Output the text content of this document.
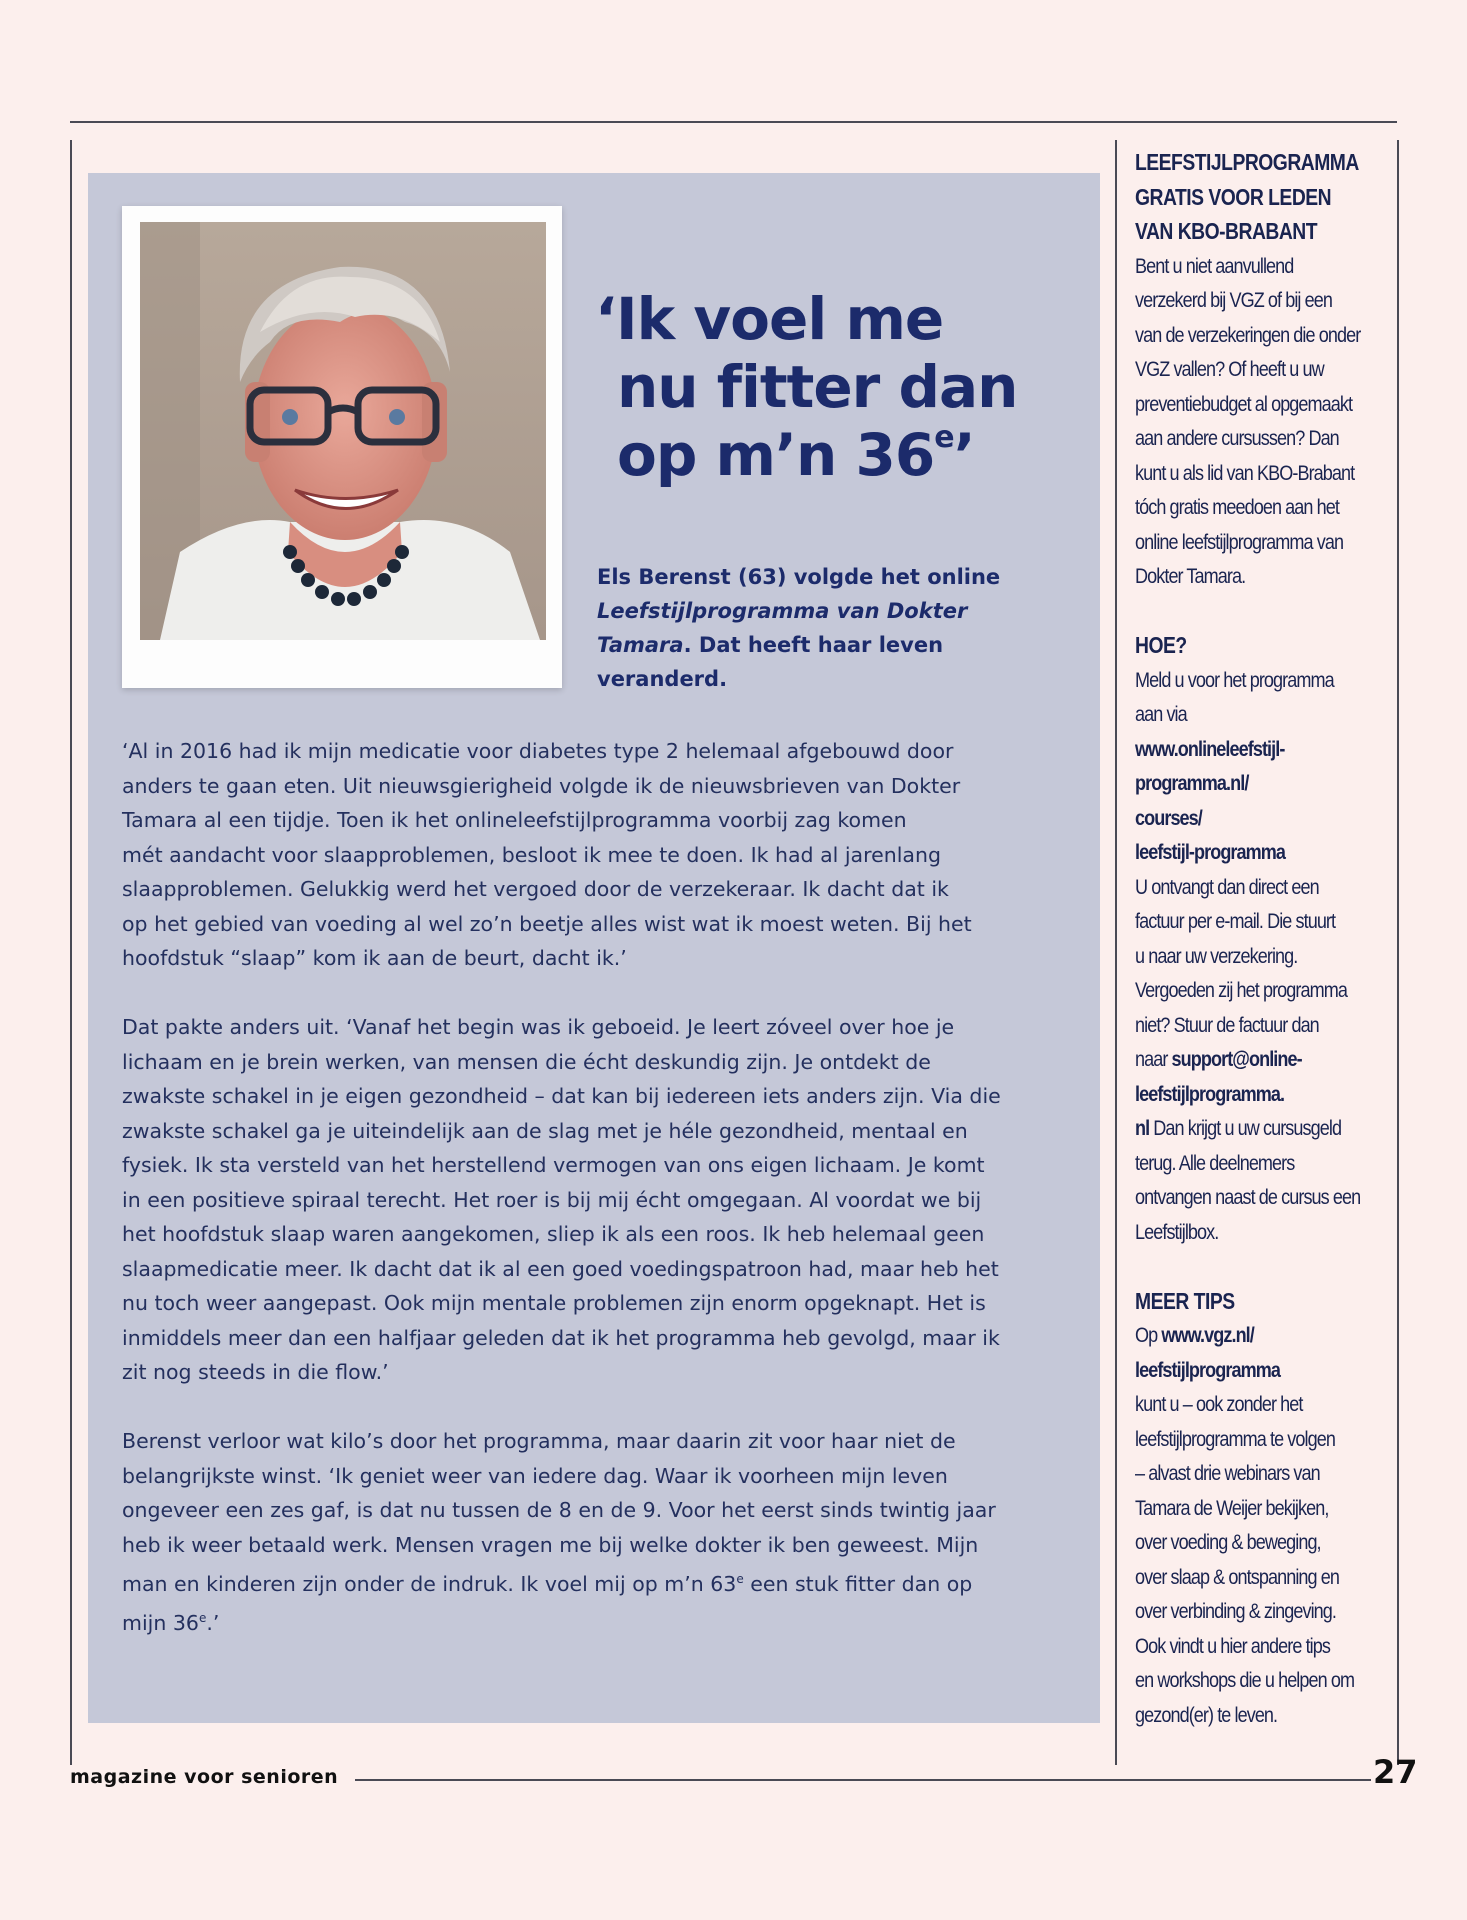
‘Ik voel me
nu fitter dan
op m’n 36e’
Els Berenst (63) volgde het online Leefstijlprogramma van Dokter Tamara. Dat heeft haar leven veranderd.

‘Al in 2016 had ik mijn medicatie voor diabetes type 2 helemaal afgebouwd door
anders te gaan eten. Uit nieuwsgierigheid volgde ik de nieuwsbrieven van Dokter
Tamara al een tijdje. Toen ik het onlineleefstijlprogramma voorbij zag komen
mét aandacht voor slaapproblemen, besloot ik mee te doen. Ik had al jarenlang
slaapproblemen. Gelukkig werd het vergoed door de verzekeraar. Ik dacht dat ik
op het gebied van voeding al wel zo’n beetje alles wist wat ik moest weten. Bij het
hoofdstuk “slaap” kom ik aan de beurt, dacht ik.’

Dat pakte anders uit. ‘Vanaf het begin was ik geboeid. Je leert zóveel over hoe je
lichaam en je brein werken, van mensen die écht deskundig zijn. Je ontdekt de
zwakste schakel in je eigen gezondheid – dat kan bij iedereen iets anders zijn. Via die
zwakste schakel ga je uiteindelijk aan de slag met je héle gezondheid, mentaal en
fysiek. Ik sta versteld van het herstellend vermogen van ons eigen lichaam. Je komt
in een positieve spiraal terecht. Het roer is bij mij écht omgegaan. Al voordat we bij
het hoofdstuk slaap waren aangekomen, sliep ik als een roos. Ik heb helemaal geen
slaapmedicatie meer. Ik dacht dat ik al een goed voedingspatroon had, maar heb het
nu toch weer aangepast. Ook mijn mentale problemen zijn enorm opgeknapt. Het is
inmiddels meer dan een halfjaar geleden dat ik het programma heb gevolgd, maar ik
zit nog steeds in die flow.’

Berenst verloor wat kilo’s door het programma, maar daarin zit voor haar niet de
belangrijkste winst. ‘Ik geniet weer van iedere dag. Waar ik voorheen mijn leven
ongeveer een zes gaf, is dat nu tussen de 8 en de 9. Voor het eerst sinds twintig jaar
heb ik weer betaald werk. Mensen vragen me bij welke dokter ik ben geweest. Mijn
man en kinderen zijn onder de indruk. Ik voel mij op m’n 63e een stuk fitter dan op
mijn 36e.’

LEEFSTIJLPROGRAMMA
GRATIS VOOR LEDEN
VAN KBO-BRABANT
Bent u niet aanvullend
verzekerd bij VGZ of bij een
van de verzekeringen die onder
VGZ vallen? Of heeft u uw
preventiebudget al opgemaakt
aan andere cursussen? Dan
kunt u als lid van KBO-Brabant
tóch gratis meedoen aan het
online leefstijlprogramma van
Dokter Tamara.
HOE?
Meld u voor het programma
aan via
www.onlineleefstijl-
programma.nl/
courses/
leefstijl-programma
U ontvangt dan direct een
factuur per e-mail. Die stuurt
u naar uw verzekering.
Vergoeden zij het programma
niet? Stuur de factuur dan
naar support@online-
leefstijlprogramma.
nl Dan krijgt u uw cursusgeld
terug. Alle deelnemers
ontvangen naast de cursus een
Leefstijlbox.
MEER TIPS
Op www.vgz.nl/
leefstijlprogramma
kunt u – ook zonder het
leefstijlprogramma te volgen
– alvast drie webinars van
Tamara de Weijer bekijken,
over voeding & beweging,
over slaap & ontspanning en
over verbinding & zingeving.
Ook vindt u hier andere tips
en workshops die u helpen om
gezond(er) te leven.
magazine voor senioren	27
